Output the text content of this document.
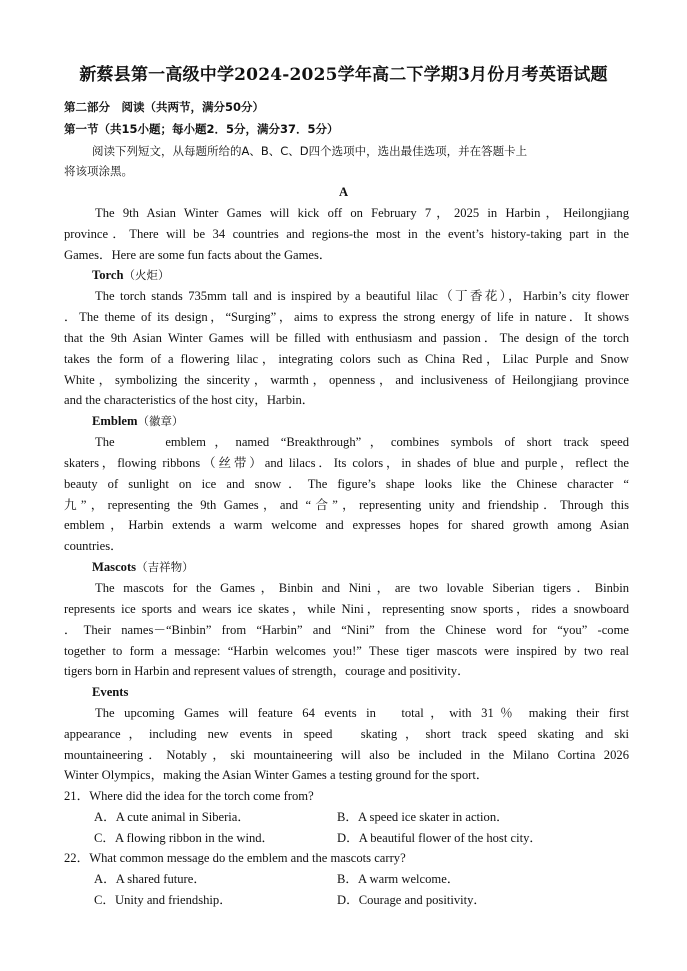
新蔡县第一高级中学2024-2025学年高二下学期3月份月考英语试题
第二部分　阅读（共两节，满分50分）
第一节（共15小题；每小题2．5分，满分37．5分）
阅读下列短文，从每题所给的A、B、C、D四个选项中，选出最佳选项，并在答题卡上
将该项涂黑。
A
The 9th Asian Winter Games will kick off on February 7，2025 in Harbin，Heilongjiang
province．There will be 34 countries and regions-the most in the event’s history-taking part in the
Games．Here are some fun facts about the Games．
Torch（火炬）
The torch stands 735mm tall and is inspired by a beautiful lilac（丁香花），Harbin’s city flower
．The theme of its design，“Surging”，aims to express the strong energy of life in nature．It shows
that the 9th Asian Winter Games will be filled with enthusiasm and passion．The design of the torch
takes the form of a flowering lilac，integrating colors such as China Red，Lilac Purple and Snow
White，symbolizing the sincerity，warmth，openness，and inclusiveness of Heilongjiang province
and the characteristics of the host city，Harbin．
Emblem（徽章）
The　　emblem，named “Breakthrough”，combines symbols of short track speed
skaters，flowing ribbons（丝带）and lilacs．Its colors，in shades of blue and purple，reflect the
beauty of sunlight on ice and snow．The figure’s shape looks like the Chinese character “
九”，representing the 9th Games，and “合”，representing unity and friendship．Through this
emblem，Harbin extends a warm welcome and expresses hopes for shared growth among Asian
countries．
Mascots（吉祥物）
The mascots for the Games，Binbin and Nini，are two lovable Siberian tigers．Binbin
represents ice sports and wears ice skates，while Nini，representing snow sports，rides a snowboard
．Their names－“Binbin” from “Harbin” and “Nini” from the Chinese word for “you” -come
together to form a message: “Harbin welcomes you!” These tiger mascots were inspired by two real
tigers born in Harbin and represent values of strength，courage and positivity．
Events
The upcoming Games will feature 64 events in　total，with 31％ making their first
appearance，including new events in speed　skating，short track speed skating and ski
mountaineering．Notably，ski mountaineering will also be included in the Milano Cortina 2026
Winter Olympics，making the Asian Winter Games a testing ground for the sport．
21．Where did the idea for the torch come from?
A．A cute animal in Siberia．	B．A speed ice skater in action．
C．A flowing ribbon in the wind．	D．A beautiful flower of the host city．
22．What common message do the emblem and the mascots carry?
A．A shared future．	B．A warm welcome．
C．Unity and friendship．	D．Courage and positivity．
